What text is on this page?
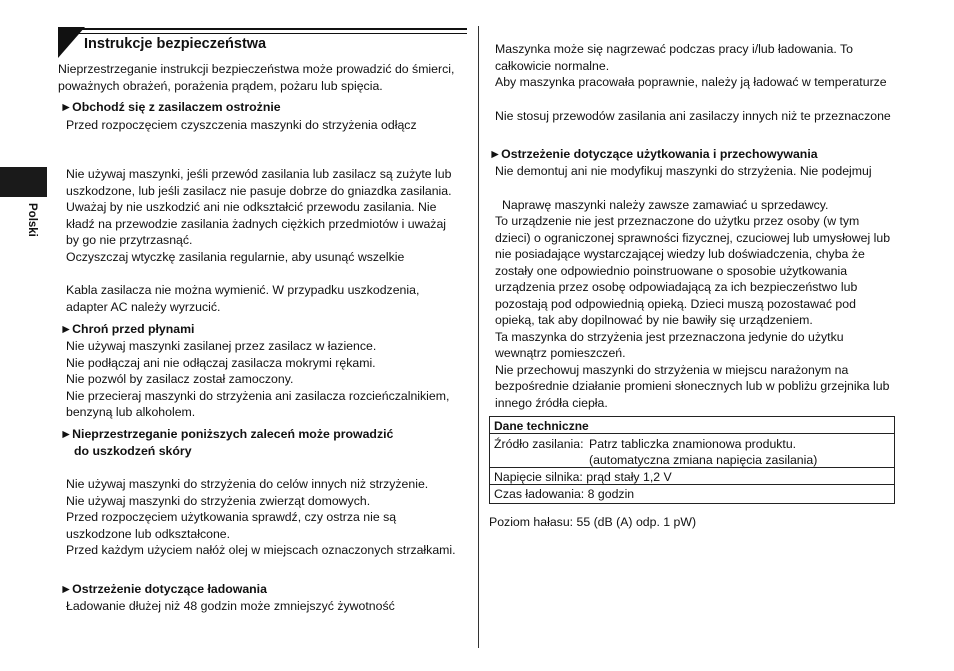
Polski
Instrukcje bezpieczeństwa
Nieprzestrzeganie instrukcji bezpieczeństwa może prowadzić do śmierci,
poważnych obrażeń, porażenia prądem, pożaru lub spięcia.
►Obchodź się z zasilaczem ostrożnie
Przed rozpoczęciem czyszczenia maszynki do strzyżenia odłącz
Nie używaj maszynki, jeśli przewód zasilania lub zasilacz są zużyte lub
uszkodzone, lub jeśli zasilacz nie pasuje dobrze do gniazdka zasilania.
Uważaj by nie uszkodzić ani nie odkształcić przewodu zasilania. Nie
kładź na przewodzie zasilania żadnych ciężkich przedmiotów i uważaj
by go nie przytrzasnąć.
Oczyszczaj wtyczkę zasilania regularnie, aby usunąć wszelkie
Kabla zasilacza nie można wymienić. W przypadku uszkodzenia,
adapter AC należy wyrzucić.
►Chroń przed płynami
Nie używaj maszynki zasilanej przez zasilacz w łazience.
Nie podłączaj ani nie odłączaj zasilacza mokrymi rękami.
Nie pozwól by zasilacz został zamoczony.
Nie przecieraj maszynki do strzyżenia ani zasilacza rozcieńczalnikiem,
benzyną lub alkoholem.
►Nieprzestrzeganie poniższych zaleceń może prowadzić
do uszkodzeń skóry
Nie używaj maszynki do strzyżenia do celów innych niż strzyżenie.
Nie używaj maszynki do strzyżenia zwierząt domowych.
Przed rozpoczęciem użytkowania sprawdź, czy ostrza nie są
uszkodzone lub odkształcone.
Przed każdym użyciem nałóż olej w miejscach oznaczonych strzałkami.
►Ostrzeżenie dotyczące ładowania
Ładowanie dłużej niż 48 godzin może zmniejszyć żywotność
Maszynka może się nagrzewać podczas pracy i/lub ładowania. To
całkowicie normalne.
Aby maszynka pracowała poprawnie, należy ją ładować w temperaturze
Nie stosuj przewodów zasilania ani zasilaczy innych niż te przeznaczone
►Ostrzeżenie dotyczące użytkowania i przechowywania
Nie demontuj ani nie modyfikuj maszynki do strzyżenia. Nie podejmuj
Naprawę maszynki należy zawsze zamawiać u sprzedawcy.
To urządzenie nie jest przeznaczone do użytku przez osoby (w tym
dzieci) o ograniczonej sprawności fizycznej, czuciowej lub umysłowej lub
nie posiadające wystarczającej wiedzy lub doświadczenia, chyba że
zostały one odpowiednio poinstruowane o sposobie użytkowania
urządzenia przez osobę odpowiadającą za ich bezpieczeństwo lub
pozostają pod odpowiednią opieką. Dzieci muszą pozostawać pod
opieką, tak aby dopilnować by nie bawiły się urządzeniem.
Ta maszynka do strzyżenia jest przeznaczona jedynie do użytku
wewnątrz pomieszczeń.
Nie przechowuj maszynki do strzyżenia w miejscu narażonym na
bezpośrednie działanie promieni słonecznych lub w pobliżu grzejnika lub
innego źródła ciepła.
Dane techniczne
Źródło zasilania: Patrz tabliczka znamionowa produktu.
(automatyczna zmiana napięcia zasilania)
Napięcie silnika: prąd stały 1,2 V
Czas ładowania: 8 godzin
Poziom hałasu: 55 (dB (A) odp. 1 pW)
